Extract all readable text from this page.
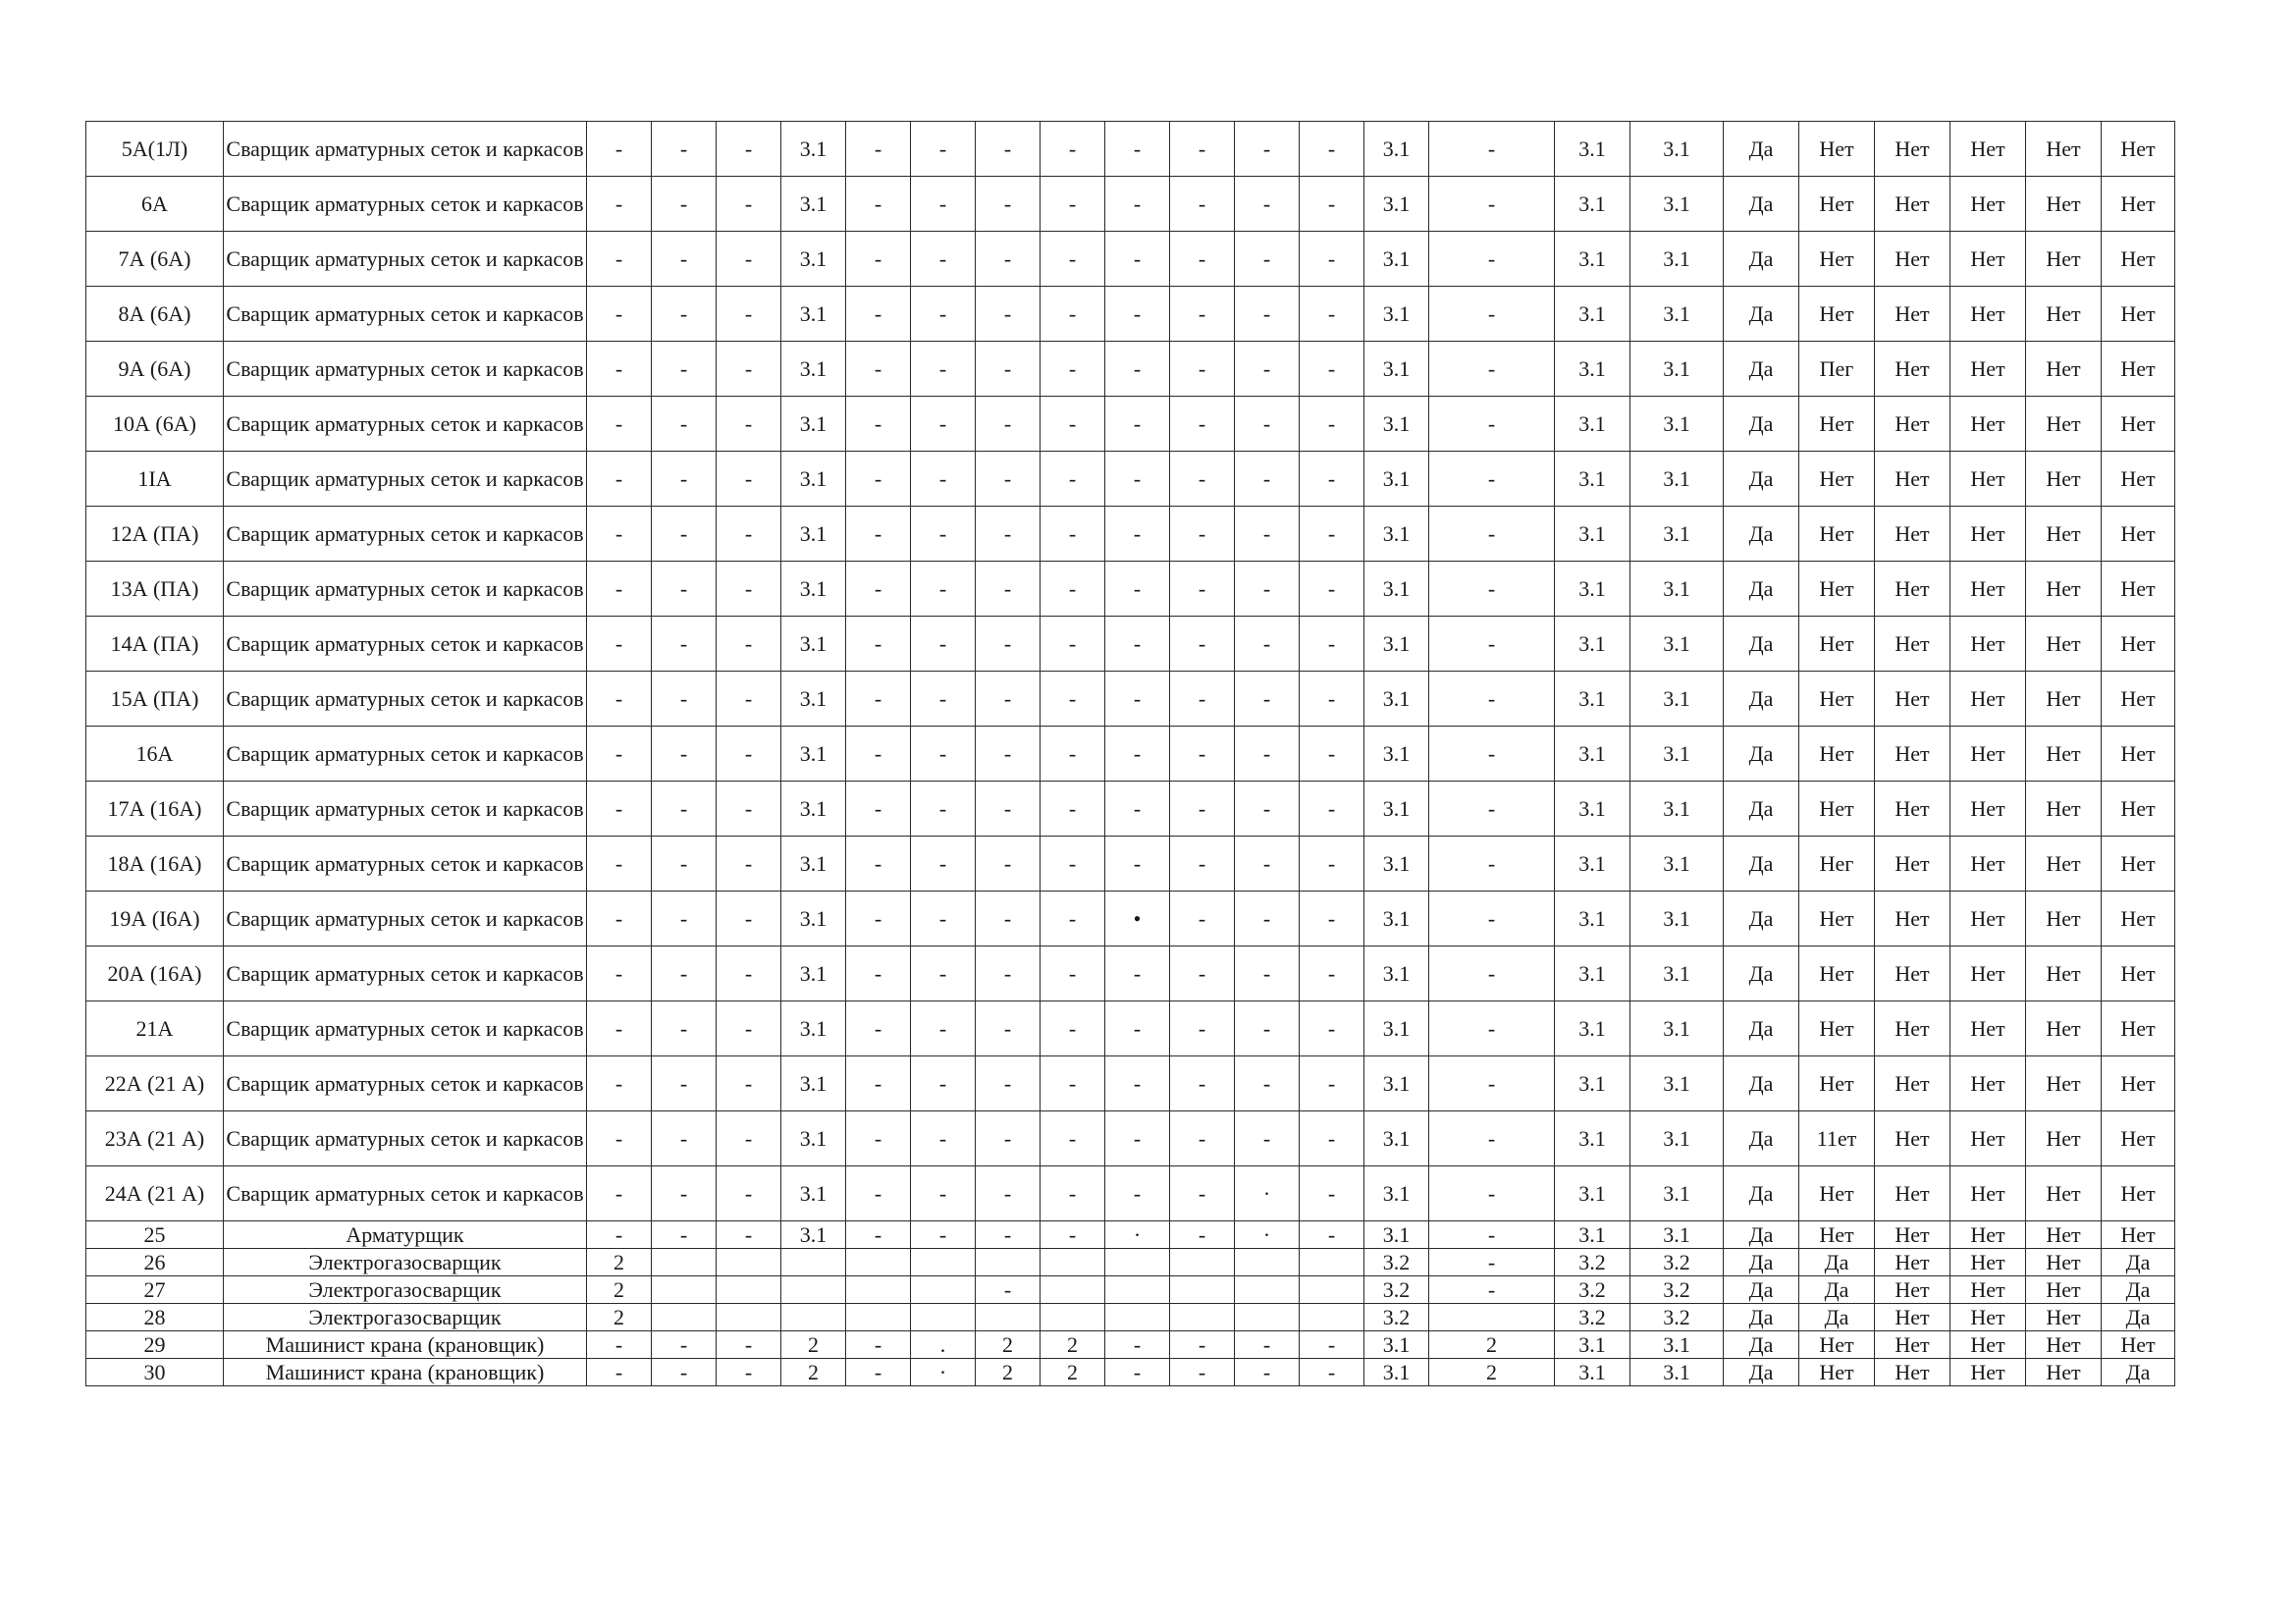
5А(1Л)	Сварщик арматурных сеток и каркасов	-	-	-	3.1	-	-	-	-	-	-	-	-	3.1	-	3.1	3.1	Да	Нет	Нет	Нет	Нет	Нет
6А	Сварщик арматурных сеток и каркасов	-	-	-	3.1	-	-	-	-	-	-	-	-	3.1	-	3.1	3.1	Да	Нет	Нет	Нет	Нет	Нет
7А (6А)	Сварщик арматурных сеток и каркасов	-	-	-	3.1	-	-	-	-	-	-	-	-	3.1	-	3.1	3.1	Да	Нет	Нет	Нет	Нет	Нет
8А (6А)	Сварщик арматурных сеток и каркасов	-	-	-	3.1	-	-	-	-	-	-	-	-	3.1	-	3.1	3.1	Да	Нет	Нет	Нет	Нет	Нет
9А (6А)	Сварщик арматурных сеток и каркасов	-	-	-	3.1	-	-	-	-	-	-	-	-	3.1	-	3.1	3.1	Да	Пег	Нет	Нет	Нет	Нет
10А (6А)	Сварщик арматурных сеток и каркасов	-	-	-	3.1	-	-	-	-	-	-	-	-	3.1	-	3.1	3.1	Да	Нет	Нет	Нет	Нет	Нет
1IA	Сварщик арматурных сеток и каркасов	-	-	-	3.1	-	-	-	-	-	-	-	-	3.1	-	3.1	3.1	Да	Нет	Нет	Нет	Нет	Нет
12А (ПА)	Сварщик арматурных сеток и каркасов	-	-	-	3.1	-	-	-	-	-	-	-	-	3.1	-	3.1	3.1	Да	Нет	Нет	Нет	Нет	Нет
13А (ПА)	Сварщик арматурных сеток и каркасов	-	-	-	3.1	-	-	-	-	-	-	-	-	3.1	-	3.1	3.1	Да	Нет	Нет	Нет	Нет	Нет
14А (ПА)	Сварщик арматурных сеток и каркасов	-	-	-	3.1	-	-	-	-	-	-	-	-	3.1	-	3.1	3.1	Да	Нет	Нет	Нет	Нет	Нет
15А (ПА)	Сварщик арматурных сеток и каркасов	-	-	-	3.1	-	-	-	-	-	-	-	-	3.1	-	3.1	3.1	Да	Нет	Нет	Нет	Нет	Нет
16А	Сварщик арматурных сеток и каркасов	-	-	-	3.1	-	-	-	-	-	-	-	-	3.1	-	3.1	3.1	Да	Нет	Нет	Нет	Нет	Нет
17А (16А)	Сварщик арматурных сеток и каркасов	-	-	-	3.1	-	-	-	-	-	-	-	-	3.1	-	3.1	3.1	Да	Нет	Нет	Нет	Нет	Нет
18А (16А)	Сварщик арматурных сеток и каркасов	-	-	-	3.1	-	-	-	-	-	-	-	-	3.1	-	3.1	3.1	Да	Нег	Нет	Нет	Нет	Нет
19А (I6А)	Сварщик арматурных сеток и каркасов	-	-	-	3.1	-	-	-	-	•	-	-	-	3.1	-	3.1	3.1	Да	Нет	Нет	Нет	Нет	Нет
20А (16А)	Сварщик арматурных сеток и каркасов	-	-	-	3.1	-	-	-	-	-	-	-	-	3.1	-	3.1	3.1	Да	Нет	Нет	Нет	Нет	Нет
21А	Сварщик арматурных сеток и каркасов	-	-	-	3.1	-	-	-	-	-	-	-	-	3.1	-	3.1	3.1	Да	Нет	Нет	Нет	Нет	Нет
22А (21 А)	Сварщик арматурных сеток и каркасов	-	-	-	3.1	-	-	-	-	-	-	-	-	3.1	-	3.1	3.1	Да	Нет	Нет	Нет	Нет	Нет
23А (21 А)	Сварщик арматурных сеток и каркасов	-	-	-	3.1	-	-	-	-	-	-	-	-	3.1	-	3.1	3.1	Да	11ет	Нет	Нет	Нет	Нет
24А (21 А)	Сварщик арматурных сеток и каркасов	-	-	-	3.1	-	-	-	-	-	-	·	-	3.1	-	3.1	3.1	Да	Нет	Нет	Нет	Нет	Нет
25	Арматурщик	-	-	-	3.1	-	-	-	-	·	-	·	-	3.1	-	3.1	3.1	Да	Нет	Нет	Нет	Нет	Нет
26	Электрогазосварщик	2												3.2	-	3.2	3.2	Да	Да	Нет	Нет	Нет	Да
27	Электрогазосварщик	2						-						3.2	-	3.2	3.2	Да	Да	Нет	Нет	Нет	Да
28	Электрогазосварщик	2												3.2		3.2	3.2	Да	Да	Нет	Нет	Нет	Да
29	Машинист крана (крановщик)	-	-	-	2	-	.	2	2	-	-	-	-	3.1	2	3.1	3.1	Да	Нет	Нет	Нет	Нет	Нет
30	Машинист крана (крановщик)	-	-	-	2	-	·	2	2	-	-	-	-	3.1	2	3.1	3.1	Да	Нет	Нет	Нет	Нет	Да
